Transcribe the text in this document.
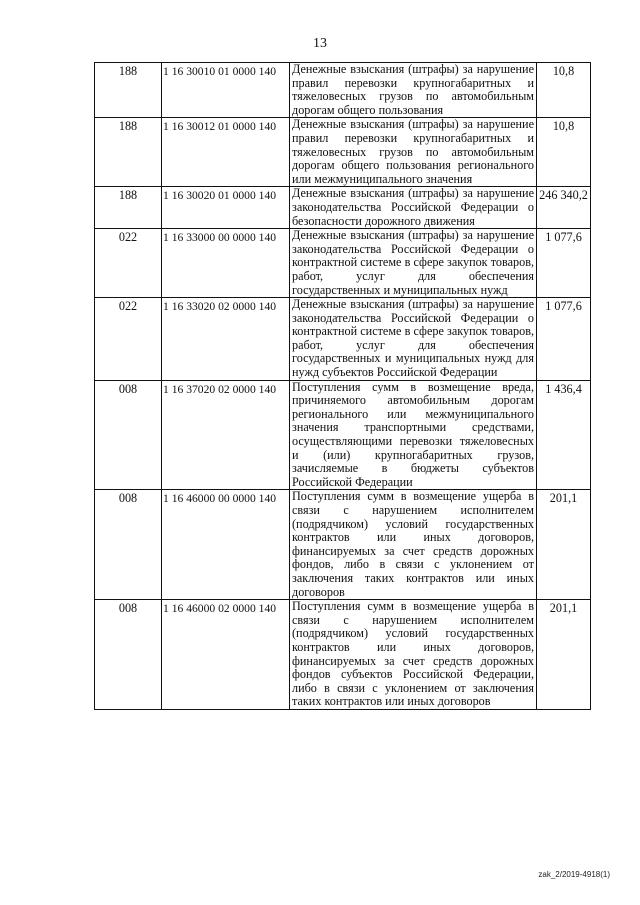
13
188	1 16 30010 01 0000 140	Денежные взыскания (штрафы) за нарушение правил перевозки крупногабаритных и тяжеловесных грузов по автомобильным дорогам общего пользования	10,8
188	1 16 30012 01 0000 140	Денежные взыскания (штрафы) за нарушение правил перевозки крупногабаритных и тяжеловесных грузов по автомобильным дорогам общего пользования регионального или межмуниципального значения	10,8
188	1 16 30020 01 0000 140	Денежные взыскания (штрафы) за нарушение законодательства Российской Федерации о безопасности дорожного движения	246 340,2
022	1 16 33000 00 0000 140	Денежные взыскания (штрафы) за нарушение законодательства Российской Федерации о контрактной системе в сфере закупок товаров, работ, услуг для обеспечения государственных и муниципальных нужд	1 077,6
022	1 16 33020 02 0000 140	Денежные взыскания (штрафы) за нарушение законодательства Российской Федерации о контрактной системе в сфере закупок товаров, работ, услуг для обеспечения государственных и муниципальных нужд для нужд субъектов Российской Федерации	1 077,6
008	1 16 37020 02 0000 140	Поступления сумм в возмещение вреда, причиняемого автомобильным дорогам регионального или межмуниципального значения транспортными средствами, осуществляющими перевозки тяжеловесных и (или) крупногабаритных грузов, зачисляемые в бюджеты субъектов Российской Федерации	1 436,4
008	1 16 46000 00 0000 140	Поступления сумм в возмещение ущерба в связи с нарушением исполнителем (подрядчиком) условий государственных контрактов или иных договоров, финансируемых за счет средств дорожных фондов, либо в связи с уклонением от заключения таких контрактов или иных договоров	201,1
008	1 16 46000 02 0000 140	Поступления сумм в возмещение ущерба в связи с нарушением исполнителем (подрядчиком) условий государственных контрактов или иных договоров, финансируемых за счет средств дорожных фондов субъектов Российской Федерации, либо в связи с уклонением от заключения таких контрактов или иных договоров	201,1
zak_2/2019-4918(1)
